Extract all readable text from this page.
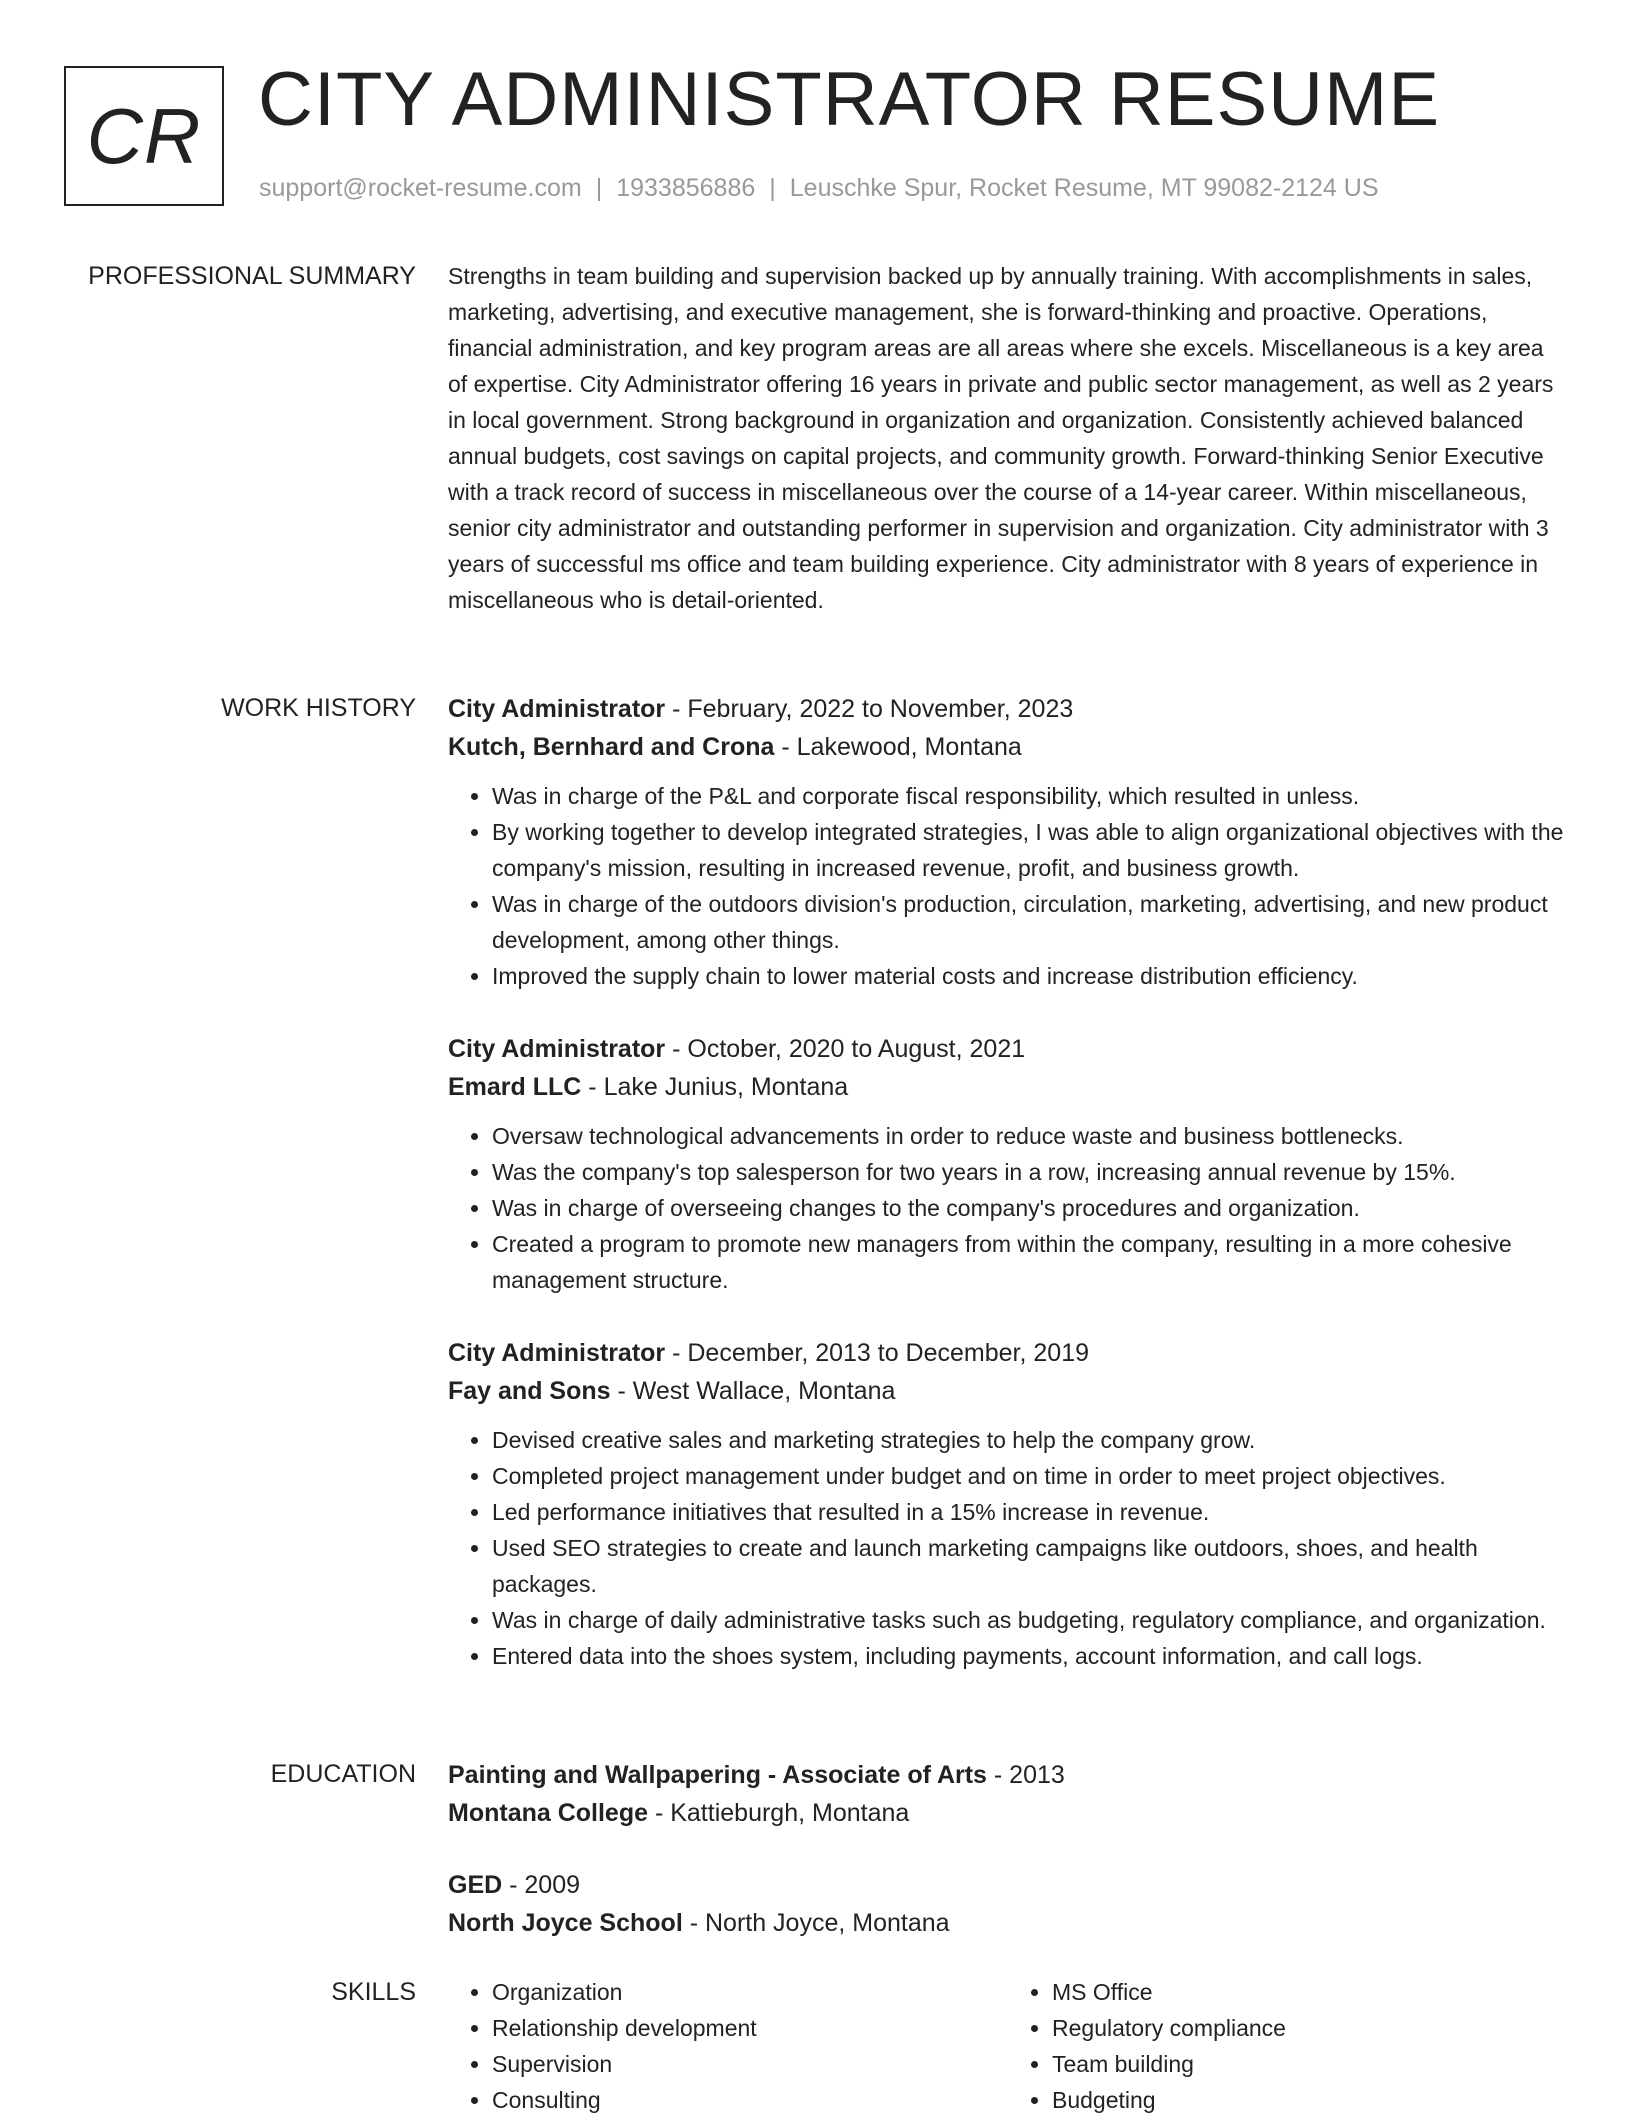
CR CITY ADMINISTRATOR RESUME
support@rocket-resume.com | 1933856886 | Leuschke Spur, Rocket Resume, MT 99082-2124 US
PROFESSIONAL SUMMARY Strengths in team building and supervision backed up by annually training. With accomplishments in sales, marketing, advertising, and executive management, she is forward-thinking and proactive. Operations, financial administration, and key program areas are all areas where she excels. Miscellaneous is a key area of expertise. City Administrator offering 16 years in private and public sector management, as well as 2 years in local government. Strong background in organization and organization. Consistently achieved balanced annual budgets, cost savings on capital projects, and community growth. Forward-thinking Senior Executive with a track record of success in miscellaneous over the course of a 14-year career. Within miscellaneous, senior city administrator and outstanding performer in supervision and organization. City administrator with 3 years of successful ms office and team building experience. City administrator with 8 years of experience in miscellaneous who is detail-oriented.

WORK HISTORY City Administrator - February, 2022 to November, 2023
Kutch, Bernhard and Crona - Lakewood, Montana
• Was in charge of the P&L and corporate fiscal responsibility, which resulted in unless.
• By working together to develop integrated strategies, I was able to align organizational objectives with the company's mission, resulting in increased revenue, profit, and business growth.
• Was in charge of the outdoors division's production, circulation, marketing, advertising, and new product development, among other things.
• Improved the supply chain to lower material costs and increase distribution efficiency.
City Administrator - October, 2020 to August, 2021
Emard LLC - Lake Junius, Montana
• Oversaw technological advancements in order to reduce waste and business bottlenecks.
• Was the company's top salesperson for two years in a row, increasing annual revenue by 15%.
• Was in charge of overseeing changes to the company's procedures and organization.
• Created a program to promote new managers from within the company, resulting in a more cohesive management structure.
City Administrator - December, 2013 to December, 2019
Fay and Sons - West Wallace, Montana
• Devised creative sales and marketing strategies to help the company grow.
• Completed project management under budget and on time in order to meet project objectives.
• Led performance initiatives that resulted in a 15% increase in revenue.
• Used SEO strategies to create and launch marketing campaigns like outdoors, shoes, and health packages.
• Was in charge of daily administrative tasks such as budgeting, regulatory compliance, and organization.
• Entered data into the shoes system, including payments, account information, and call logs.
EDUCATION Painting and Wallpapering - Associate of Arts - 2013
Montana College - Kattieburgh, Montana
GED - 2009
North Joyce School - North Joyce, Montana
SKILLS
•	Organization
• Relationship development
• Supervision
• Consulting
• MS Office
• Regulatory compliance
• Team building
• Budgeting
